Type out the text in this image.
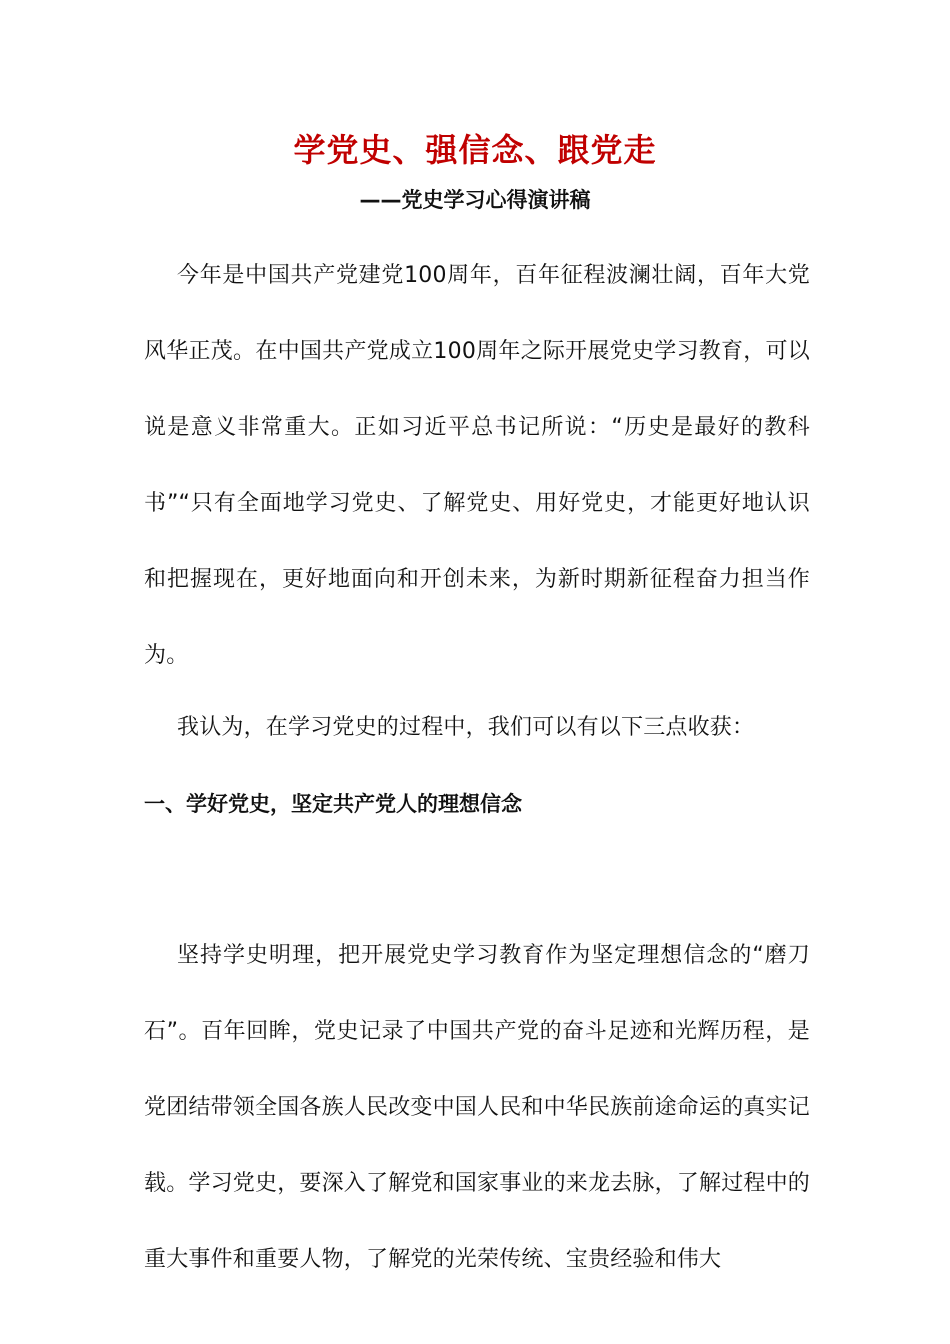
学党史、强信念、跟党走
——党史学习心得演讲稿
今年是中国共产党建党100周年，百年征程波澜壮阔，百年大党风华正茂。在中国共产党成立100周年之际开展党史学习教育，可以说是意义非常重大。正如习近平总书记所说：“历史是最好的教科书”“只有全面地学习党史、了解党史、用好党史，才能更好地认识和把握现在，更好地面向和开创未来，为新时期新征程奋力担当作为。
我认为，在学习党史的过程中，我们可以有以下三点收获：
一、学好党史，坚定共产党人的理想信念
坚持学史明理，把开展党史学习教育作为坚定理想信念的“磨刀石”。百年回眸，党史记录了中国共产党的奋斗足迹和光辉历程，是党团结带领全国各族人民改变中国人民和中华民族前途命运的真实记载。学习党史，要深入了解党和国家事业的来龙去脉，了解过程中的重大事件和重要人物，了解党的光荣传统、宝贵经验和伟大
